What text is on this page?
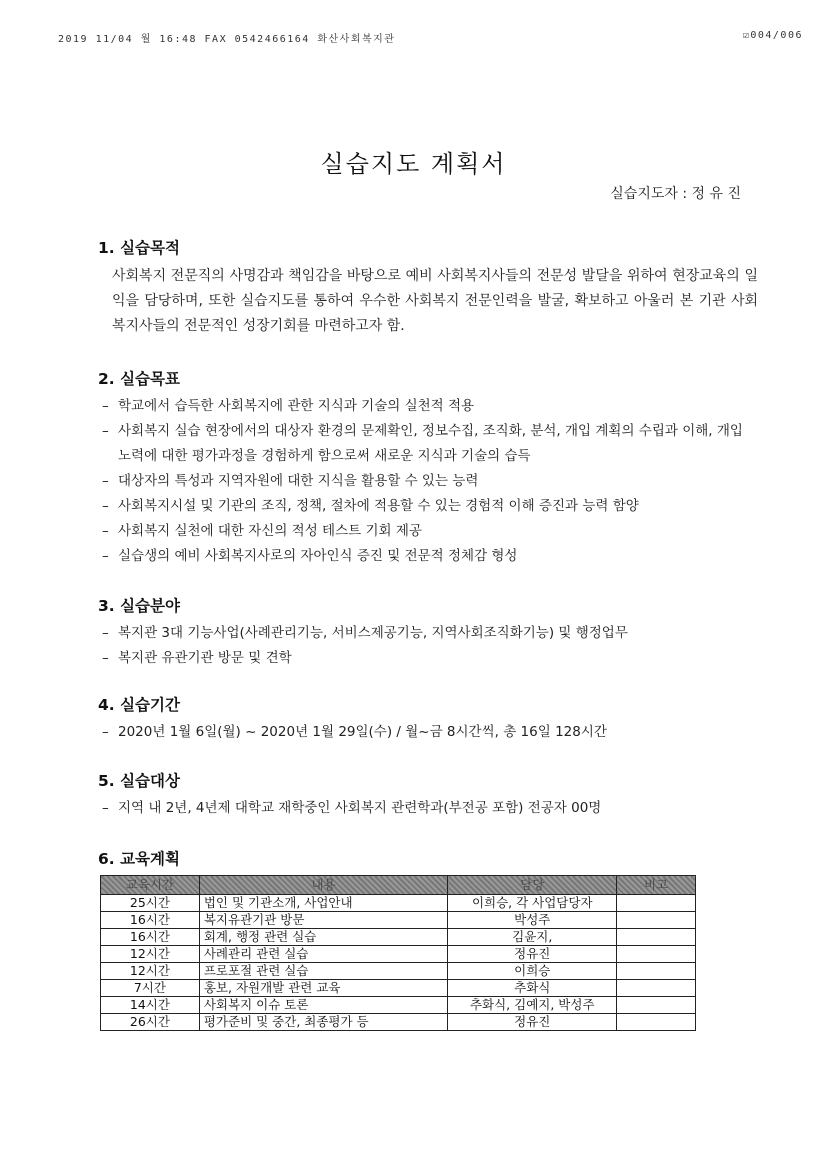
2019 11/04 월 16:48 FAX 0542466164 화산사회복지관	☑004/006
실습지도 계획서
실습지도자 : 정 유 진
1. 실습목적

사회복지 전문직의 사명감과 책임감을 바탕으로 예비 사회복지사들의 전문성 발달을 위하여 현장교육의 일익을 담당하며, 또한 실습지도를 통하여 우수한 사회복지 전문인력을 발굴, 확보하고 아울러 본 기관 사회복지사들의 전문적인 성장기회를 마련하고자 함.

2. 실습목표
– 학교에서 습득한 사회복지에 관한 지식과 기술의 실천적 적용
– 사회복지 실습 현장에서의 대상자 환경의 문제확인, 정보수집, 조직화, 분석, 개입 계획의 수립과 이해, 개입 노력에 대한 평가과정을 경험하게 함으로써 새로운 지식과 기술의 습득
– 대상자의 특성과 지역자원에 대한 지식을 활용할 수 있는 능력
– 사회복지시설 및 기관의 조직, 정책, 절차에 적용할 수 있는 경험적 이해 증진과 능력 함양
– 사회복지 실천에 대한 자신의 적성 테스트 기회 제공
– 실습생의 예비 사회복지사로의 자아인식 증진 및 전문적 정체감 형성
3. 실습분야
– 복지관 3대 기능사업(사례관리기능, 서비스제공기능, 지역사회조직화기능) 및 행정업무
– 복지관 유관기관 방문 및 견학
4. 실습기간
– 2020년 1월 6일(월) ~ 2020년 1월 29일(수) / 월~금 8시간씩, 총 16일 128시간
5. 실습대상
– 지역 내 2년, 4년제 대학교 재학중인 사회복지 관련학과(부전공 포함) 전공자 00명
6. 교육계획
교육시간	내용	담당	비고
25시간	법인 및 기관소개, 사업안내	이희승, 각 사업담당자	
16시간	복지유관기관 방문	박성주	
16시간	회계, 행정 관련 실습	김윤지,	
12시간	사례관리 관련 실습	정유진	
12시간	프로포절 관련 실습	이희승	
7시간	홍보, 자원개발 관련 교육	추화식	
14시간	사회복지 이슈 토론	추화식, 김예지, 박성주	
26시간	평가준비 및 중간, 최종평가 등	정유진	
